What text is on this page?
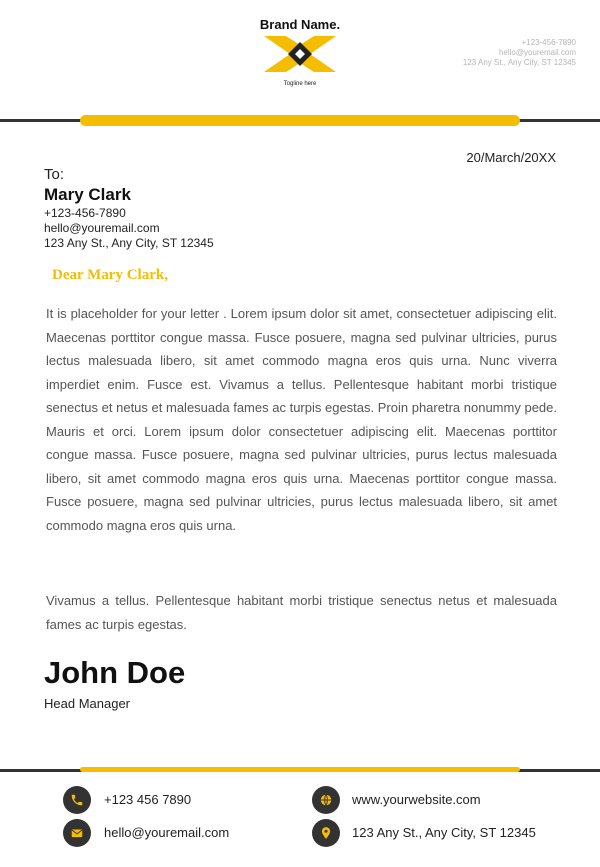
Brand Name.
Togline here
+123-456-7890
hello@youremail.com
123 Any St., Any City, ST 12345
20/March/20XX
To:
Mary Clark
+123-456-7890
hello@youremail.com
123 Any St., Any City, ST 12345
Dear Mary Clark,
It is placeholder for your letter . Lorem ipsum dolor sit amet, consectetuer adipiscing elit. Maecenas porttitor congue massa. Fusce posuere, magna sed pulvinar ultricies, purus lectus malesuada libero, sit amet commodo magna eros quis urna. Nunc viverra imperdiet enim. Fusce est. Vivamus a tellus. Pellentesque habitant morbi tristique senectus et netus et malesuada fames ac turpis egestas. Proin pharetra nonummy pede. Mauris et orci. Lorem ipsum dolor consectetuer adipiscing elit. Maecenas porttitor congue massa. Fusce posuere, magna sed pulvinar ultricies, purus lectus malesuada libero, sit amet commodo magna eros quis urna. Maecenas porttitor congue massa. Fusce posuere, magna sed pulvinar ultricies, purus lectus malesuada libero, sit amet commodo magna eros quis urna.
Vivamus a tellus. Pellentesque habitant morbi tristique senectus netus et malesuada fames ac turpis egestas.
John Doe
Head Manager
+123 456 7890	www.yourwebsite.com
hello@youremail.com	123 Any St., Any City, ST 12345
